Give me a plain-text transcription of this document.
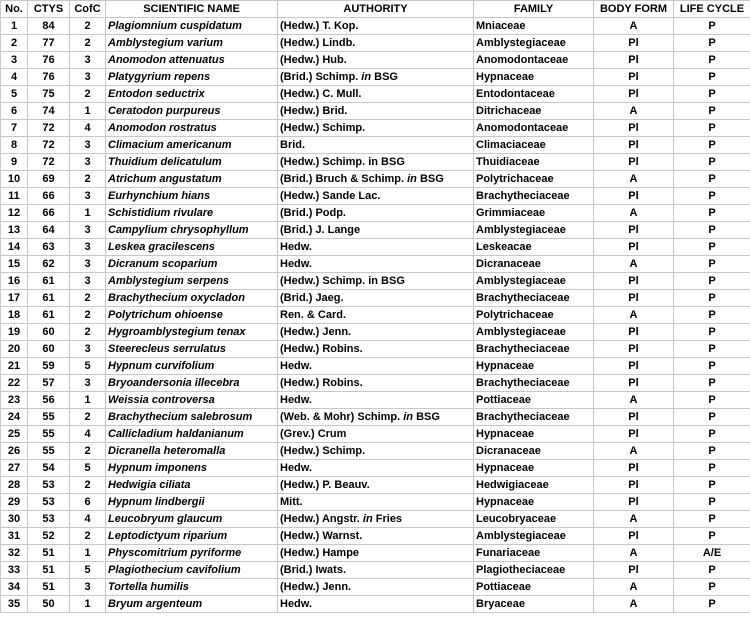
No.	CTYS	CofC	SCIENTIFIC NAME	AUTHORITY	FAMILY	BODY FORM	LIFE CYCLE
1	84	2	Plagiomnium cuspidatum	(Hedw.) T. Kop.	Mniaceae	A	P
2	77	2	Amblystegium varium	(Hedw.) Lindb.	Amblystegiaceae	Pl	P
3	76	3	Anomodon attenuatus	(Hedw.) Hub.	Anomodontaceae	Pl	P
4	76	3	Platygyrium repens	(Brid.) Schimp. in BSG	Hypnaceae	Pl	P
5	75	2	Entodon seductrix	(Hedw.) C. Mull.	Entodontaceae	Pl	P
6	74	1	Ceratodon purpureus	(Hedw.) Brid.	Ditrichaceae	A	P
7	72	4	Anomodon rostratus	(Hedw.) Schimp.	Anomodontaceae	Pl	P
8	72	3	Climacium americanum	Brid.	Climaciaceae	Pl	P
9	72	3	Thuidium delicatulum	(Hedw.) Schimp. in BSG	Thuidiaceae	Pl	P
10	69	2	Atrichum angustatum	(Brid.) Bruch & Schimp. in BSG	Polytrichaceae	A	P
11	66	3	Eurhynchium hians	(Hedw.) Sande Lac.	Brachytheciaceae	Pl	P
12	66	1	Schistidium rivulare	(Brid.) Podp.	Grimmiaceae	A	P
13	64	3	Campylium chrysophyllum	(Brid.) J. Lange	Amblystegiaceae	Pl	P
14	63	3	Leskea gracilescens	Hedw.	Leskeacae	Pl	P
15	62	3	Dicranum scoparium	Hedw.	Dicranaceae	A	P
16	61	3	Amblystegium serpens	(Hedw.) Schimp. in BSG	Amblystegiaceae	Pl	P
17	61	2	Brachythecium oxycladon	(Brid.) Jaeg.	Brachytheciaceae	Pl	P
18	61	2	Polytrichum ohioense	Ren. & Card.	Polytrichaceae	A	P
19	60	2	Hygroamblystegium tenax	(Hedw.) Jenn.	Amblystegiaceae	Pl	P
20	60	3	Steerecleus serrulatus	(Hedw.) Robins.	Brachytheciaceae	Pl	P
21	59	5	Hypnum curvifolium	Hedw.	Hypnaceae	Pl	P
22	57	3	Bryoandersonia illecebra	(Hedw.) Robins.	Brachytheciaceae	Pl	P
23	56	1	Weissia controversa	Hedw.	Pottiaceae	A	P
24	55	2	Brachythecium salebrosum	(Web. & Mohr) Schimp. in BSG	Brachytheciaceae	Pl	P
25	55	4	Callicladium haldanianum	(Grev.) Crum	Hypnaceae	Pl	P
26	55	2	Dicranella heteromalla	(Hedw.) Schimp.	Dicranaceae	A	P
27	54	5	Hypnum imponens	Hedw.	Hypnaceae	Pl	P
28	53	2	Hedwigia ciliata	(Hedw.) P. Beauv.	Hedwigiaceae	Pl	P
29	53	6	Hypnum lindbergii	Mitt.	Hypnaceae	Pl	P
30	53	4	Leucobryum glaucum	(Hedw.) Angstr. in Fries	Leucobryaceae	A	P
31	52	2	Leptodictyum riparium	(Hedw.) Warnst.	Amblystegiaceae	Pl	P
32	51	1	Physcomitrium pyriforme	(Hedw.) Hampe	Funariaceae	A	A/E
33	51	5	Plagiothecium cavifolium	(Brid.) Iwats.	Plagiotheciaceae	Pl	P
34	51	3	Tortella humilis	(Hedw.) Jenn.	Pottiaceae	A	P
35	50	1	Bryum argenteum	Hedw.	Bryaceae	A	P
